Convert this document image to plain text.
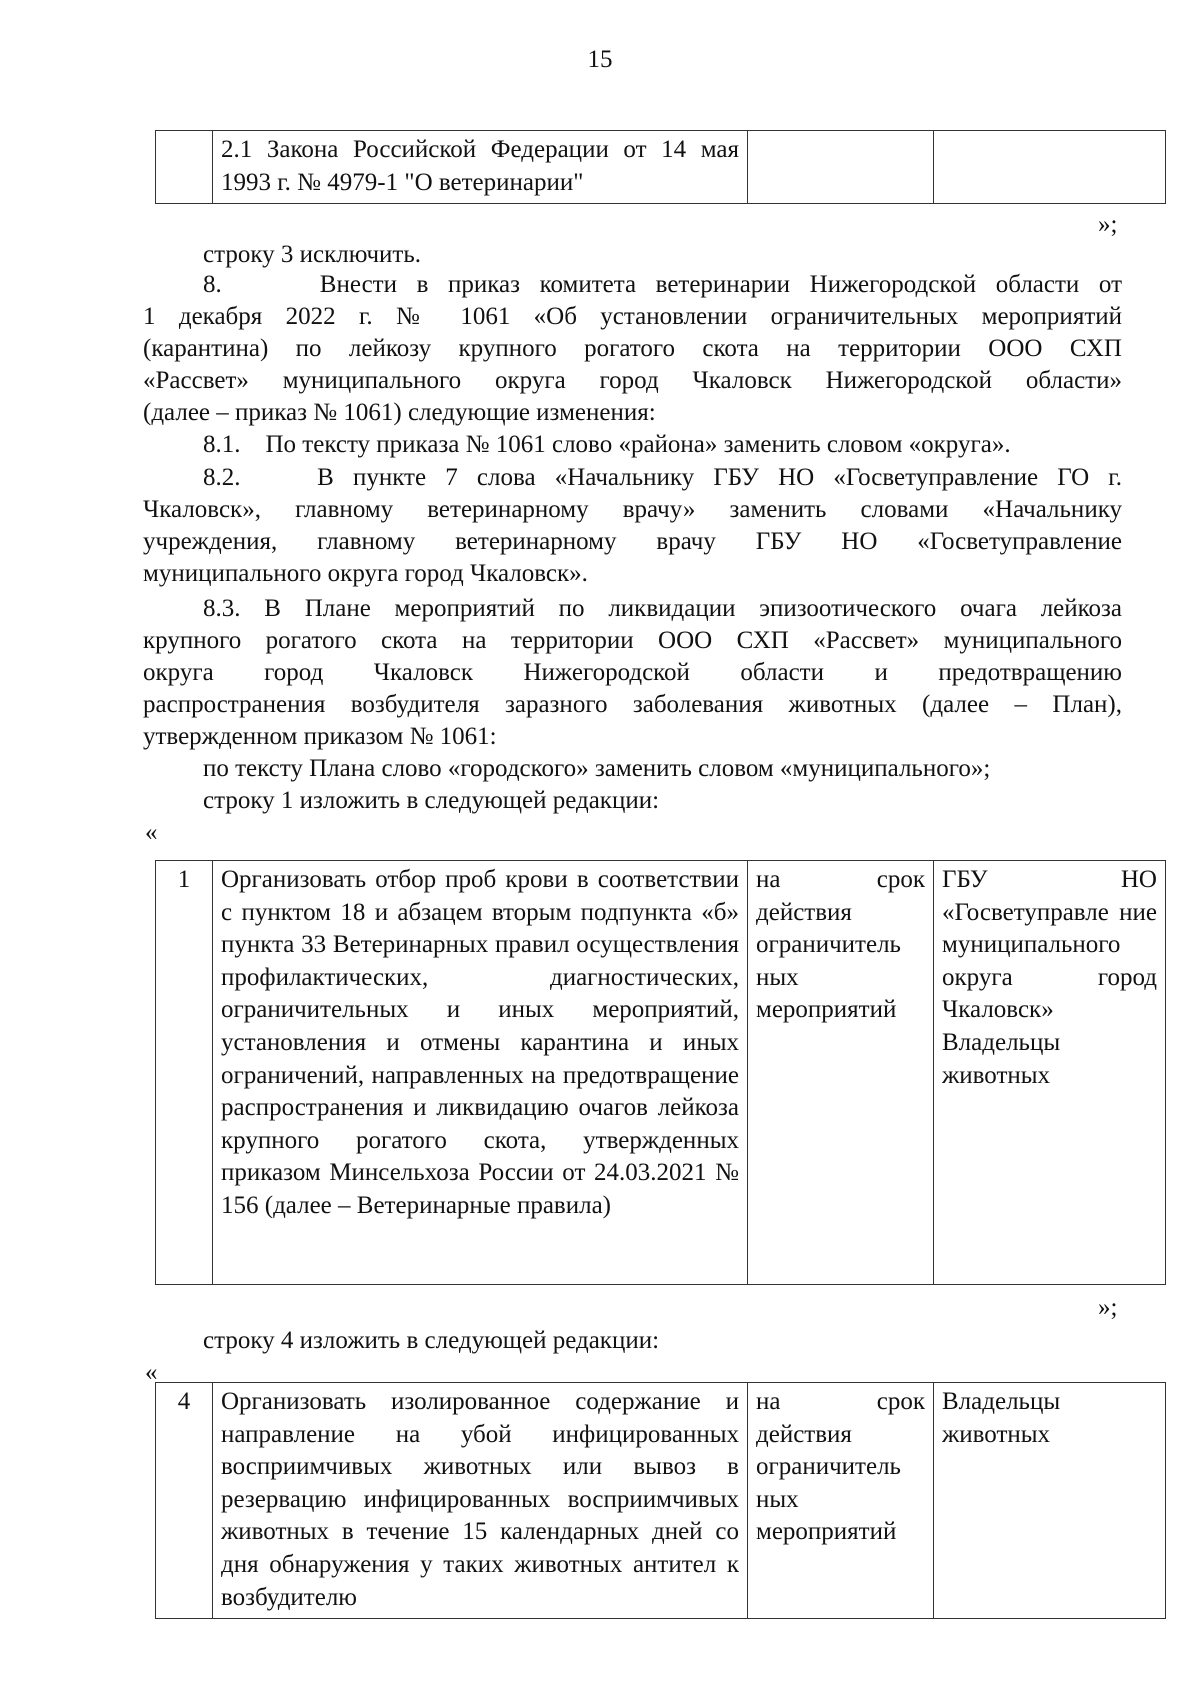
15
	2.1 Закона Российской Федерации от 14 мая 1993 г. № 4979-1 "О ветеринарии"		
»;
строку 3 исключить.
8.     Внести в приказ комитета ветеринарии Нижегородской области от
1 декабря 2022 г. № 1061 «Об установлении ограничительных мероприятий
(карантина) по лейкозу крупного рогатого скота на территории ООО СХП
«Рассвет» муниципального округа город Чкаловск Нижегородской области»
(далее – приказ № 1061) следующие изменения:
8.1.    По тексту приказа № 1061 слово «района» заменить словом «округа».
8.2.    В пункте 7 слова «Начальнику ГБУ НО «Госветуправление ГО г.
Чкаловск», главному ветеринарному врачу» заменить словами «Начальнику
учреждения, главному ветеринарному врачу ГБУ НО «Госветуправление
муниципального округа город Чкаловск».
8.3. В Плане мероприятий по ликвидации эпизоотического очага лейкоза
крупного рогатого скота на территории ООО СХП «Рассвет» муниципального
округа город Чкаловск Нижегородской области и предотвращению
распространения возбудителя заразного заболевания животных (далее – План),
утвержденном приказом № 1061:
по тексту Плана слово «городского» заменить словом «муниципального»;
строку 1 изложить в следующей редакции:
«
1	Организовать отбор проб крови в соответствии с пунктом 18 и абзацем вторым подпункта «б» пункта 33 Ветеринарных правил осуществления профилактических, диагностических, ограничительных и иных мероприятий, установления и отмены карантина и иных ограничений, направленных на предотвращение распространения и ликвидацию очагов лейкоза крупного рогатого скота, утвержденных приказом Минсельхоза России от 24.03.2021 № 156 (далее – Ветеринарные правила)	на срок действия ограничитель ных мероприятий	ГБУ НО «Госветуправле ние муниципального округа город Чкаловск» Владельцы животных
»;
строку 4 изложить в следующей редакции:
«
4	Организовать изолированное содержание и направление на убой инфицированных восприимчивых животных или вывоз в резервацию инфицированных восприимчивых животных в течение 15 календарных дней со дня обнаружения у таких животных антител к возбудителю	на срок действия ограничитель ных мероприятий	Владельцы животных
